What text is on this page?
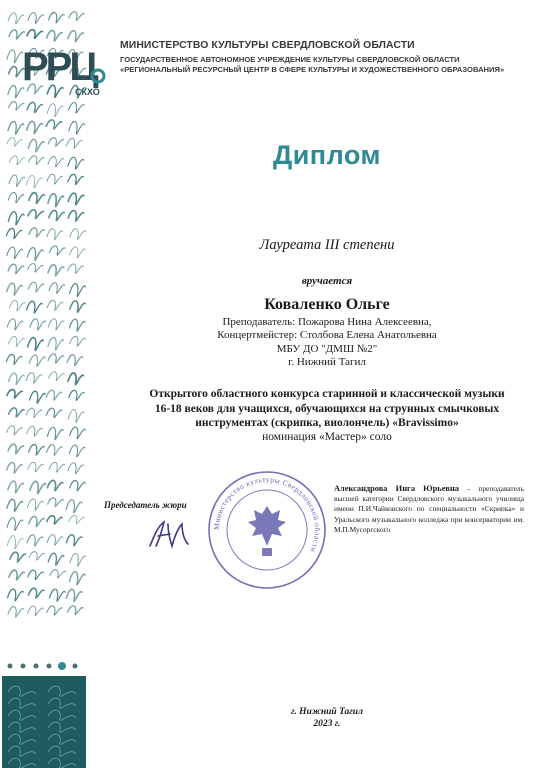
РРЦ
СКХО
МИНИСТЕРСТВО КУЛЬТУРЫ СВЕРДЛОВСКОЙ ОБЛАСТИ
ГОСУДАРСТВЕННОЕ АВТОНОМНОЕ УЧРЕЖДЕНИЕ КУЛЬТУРЫ СВЕРДЛОВСКОЙ ОБЛАСТИ
«РЕГИОНАЛЬНЫЙ РЕСУРСНЫЙ ЦЕНТР В СФЕРЕ КУЛЬТУРЫ И ХУДОЖЕСТВЕННОГО ОБРАЗОВАНИЯ»
Диплом
Лауреата III степени
вручается
Коваленко Ольге
Преподаватель: Пожарова Нина Алексеевна,
Концертмейстер: Столбова Елена Анатольевна
МБУ ДО "ДМШ №2"
г. Нижний Тагил
Открытого областного конкурса старинной и классической музыки
16-18 веков для учащихся, обучающихся на струнных смычковых
инструментах (скрипка, виолончель) «Bravissimo»
номинация «Мастер» соло
Председатель жюри
Министерство культуры Свердловской области
Александрова Инга Юрьевна – преподаватель высшей категории Свердловского музыкального училища имени П.И.Чайковского по специальности «Скрипка» и Уральского музыкального колледжа при консерватории им. М.П.Мусоргского
г. Нижний Тагил
2023 г.
